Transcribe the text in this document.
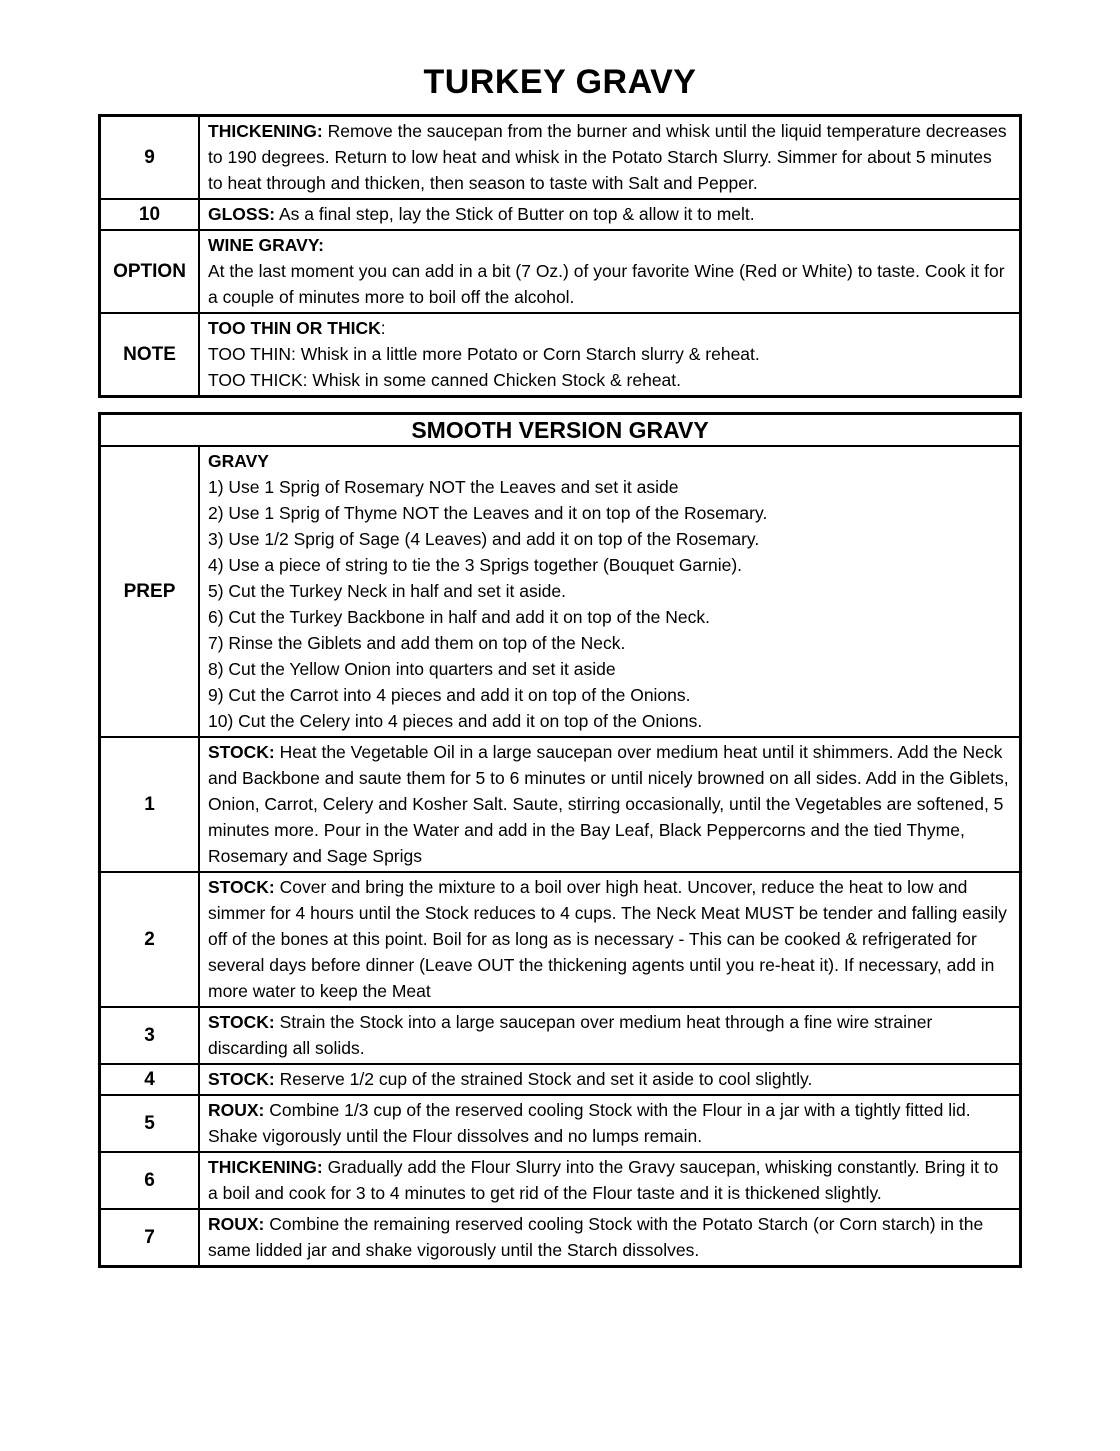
TURKEY GRAVY
9

THICKENING: Remove the saucepan from the burner and whisk until the liquid temperature decreases to 190 degrees. Return to low heat and whisk in the Potato Starch Slurry. Simmer for about 5 minutes to heat through and thicken, then season to taste with Salt and Pepper.

10	GLOSS: As a final step, lay the Stick of Butter on top & allow it to melt.

OPTION

WINE GRAVY:

At the last moment you can add in a bit (7 Oz.) of your favorite Wine (Red or White) to taste. Cook it for a couple of minutes more to boil off the alcohol.

NOTE

TOO THIN OR THICK:

TOO THIN: Whisk in a little more Potato or Corn Starch slurry & reheat.

TOO THICK: Whisk in some canned Chicken Stock & reheat.

SMOOTH VERSION GRAVY
PREP

GRAVY

1) Use 1 Sprig of Rosemary NOT the Leaves and set it aside

2) Use 1 Sprig of Thyme NOT the Leaves and it on top of the Rosemary.

3) Use 1/2 Sprig of Sage (4 Leaves) and add it on top of the Rosemary.

4) Use a piece of string to tie the 3 Sprigs together (Bouquet Garnie).

5) Cut the Turkey Neck in half and set it aside.

6) Cut the Turkey Backbone in half and add it on top of the Neck.

7) Rinse the Giblets and add them on top of the Neck.

8) Cut the Yellow Onion into quarters and set it aside

9) Cut the Carrot into 4 pieces and add it on top of the Onions.

10) Cut the Celery into 4 pieces and add it on top of the Onions.

1

STOCK: Heat the Vegetable Oil in a large saucepan over medium heat until it shimmers. Add the Neck and Backbone and saute them for 5 to 6 minutes or until nicely browned on all sides. Add in the Giblets, Onion, Carrot, Celery and Kosher Salt. Saute, stirring occasionally, until the Vegetables are softened, 5 minutes more. Pour in the Water and add in the Bay Leaf, Black Peppercorns and the tied Thyme, Rosemary and Sage Sprigs

2

STOCK: Cover and bring the mixture to a boil over high heat. Uncover, reduce the heat to low and simmer for 4 hours until the Stock reduces to 4 cups. The Neck Meat MUST be tender and falling easily off of the bones at this point. Boil for as long as is necessary - This can be cooked & refrigerated for several days before dinner (Leave OUT the thickening agents until you re-heat it). If necessary, add in more water to keep the Meat

3

STOCK: Strain the Stock into a large saucepan over medium heat through a fine wire strainer discarding all solids.

4	STOCK: Reserve 1/2 cup of the strained Stock and set it aside to cool slightly.

5

ROUX: Combine 1/3 cup of the reserved cooling Stock with the Flour in a jar with a tightly fitted lid. Shake vigorously until the Flour dissolves and no lumps remain.

6

THICKENING: Gradually add the Flour Slurry into the Gravy saucepan, whisking constantly. Bring it to a boil and cook for 3 to 4 minutes to get rid of the Flour taste and it is thickened slightly.

7

ROUX: Combine the remaining reserved cooling Stock with the Potato Starch (or Corn starch) in the same lidded jar and shake vigorously until the Starch dissolves.
